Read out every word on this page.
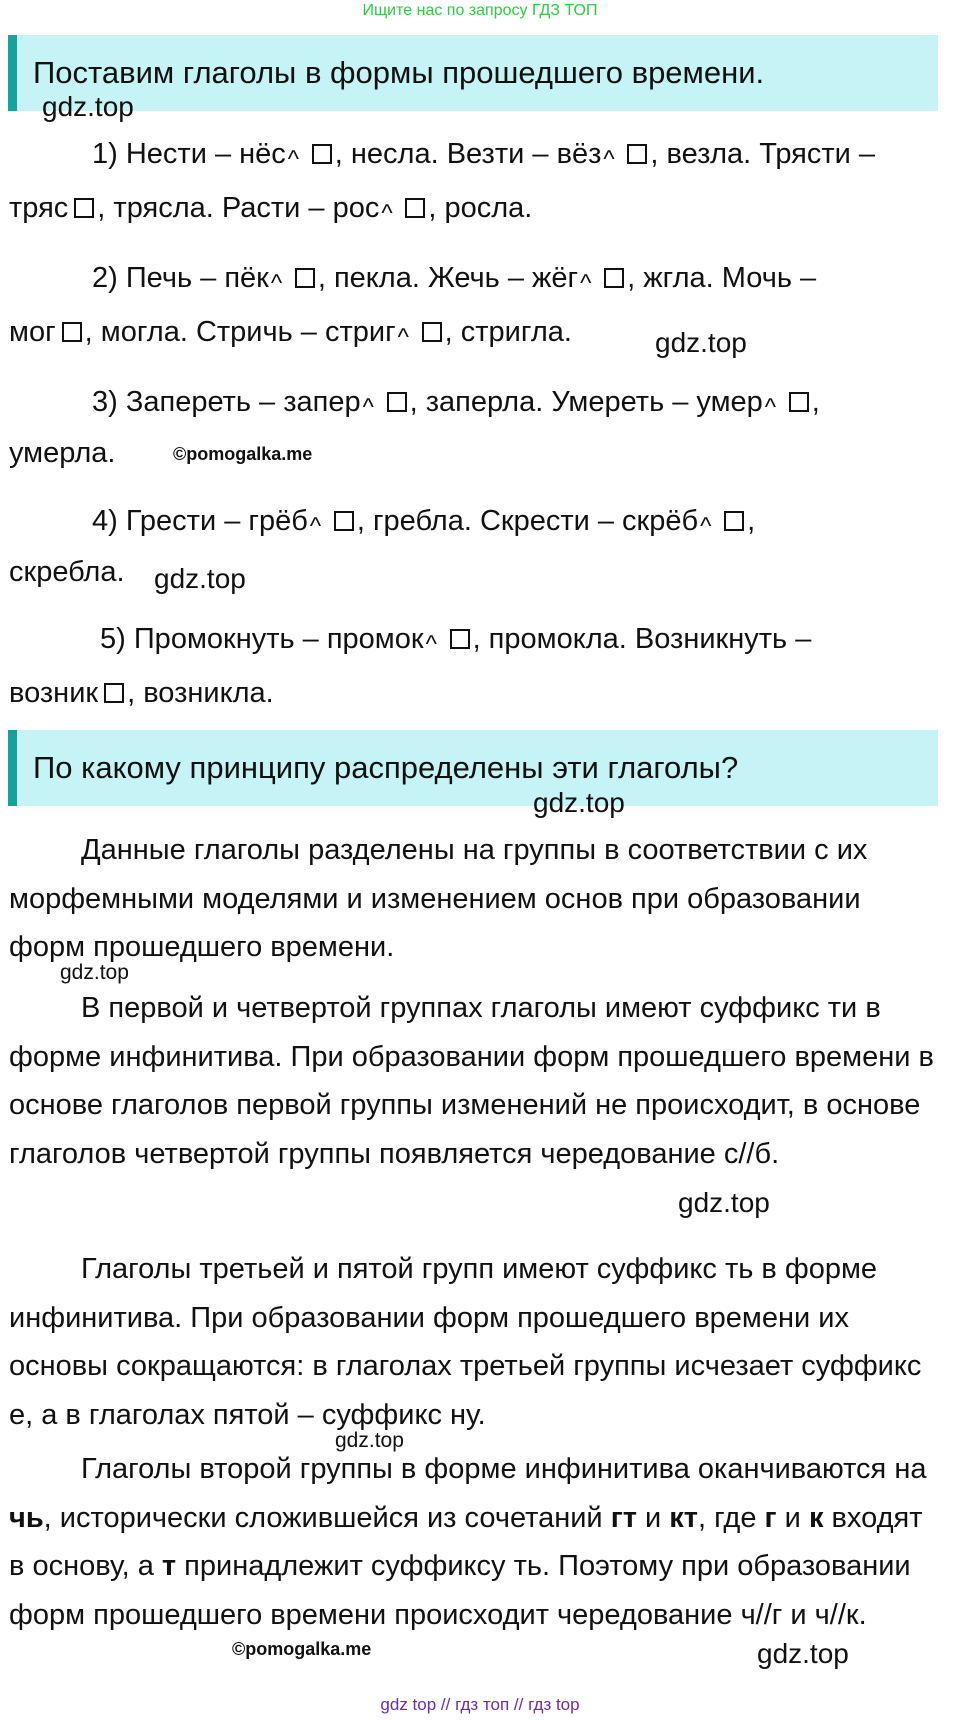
Ищите нас по запросу ГДЗ ТОП
Поставим глаголы в формы прошедшего времени.
gdz.top
1) Нести – нёс , несла. Везти – вёз , везла. Трясти –
тряс , трясла. Расти – рос , росла.
2) Печь – пёк , пекла. Жечь – жёг , жгла. Мочь –
мог , могла. Стричь – стриг , стригла.	gdz.top
3) Запереть – запер , заперла. Умереть – умер ,
умерла.	©pomogalka.me
4) Грести – грёб , гребла. Скрести – скрёб ,
скребла. gdz.top
5) Промокнуть – промок , промокла. Возникнуть –
возник , возникла.
По какому принципу распределены эти глаголы?
gdz.top
Данные глаголы разделены на группы в соответствии с их морфемными моделями и изменением основ при образовании форм прошедшего времени.
gdz.top
В первой и четвертой группах глаголы имеют суффикс ти в форме инфинитива. При образовании форм прошедшего времени в основе глаголов первой группы изменений не происходит, в основе глаголов четвертой группы появляется чередование с//б.
gdz.top
Глаголы третьей и пятой групп имеют суффикс ть в форме инфинитива. При образовании форм прошедшего времени их основы сокращаются: в глаголах третьей группы исчезает суффикс е, а в глаголах пятой – суффикс ну.
gdz.top
Глаголы второй группы в форме инфинитива оканчиваются на чь, исторически сложившейся из сочетаний гт и кт, где г и к входят в основу, а т принадлежит суффиксу ть. Поэтому при образовании форм прошедшего времени происходит чередование ч//г и ч//к.
©pomogalka.me	gdz.top
gdz top // гдз топ // гдз top
